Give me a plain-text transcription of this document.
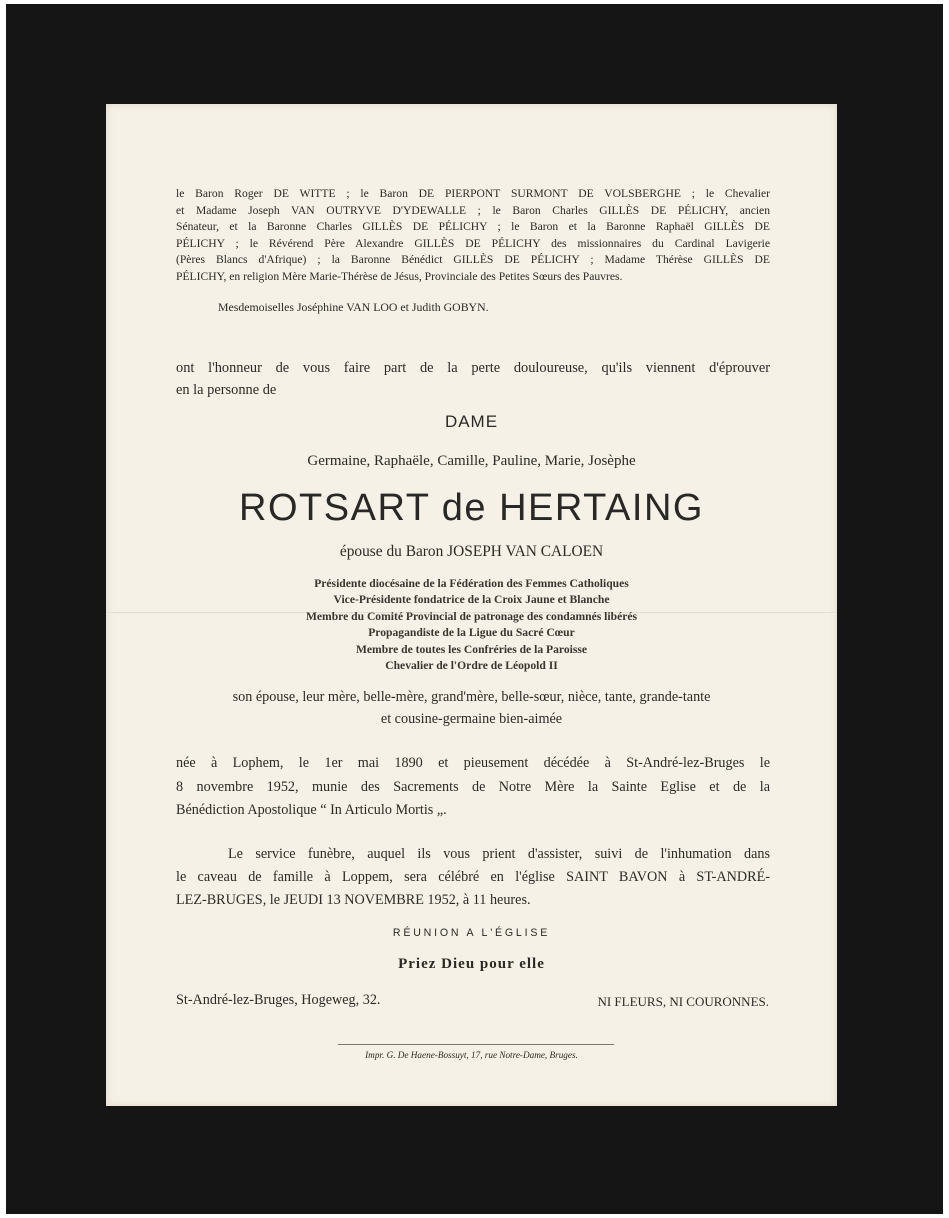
le Baron Roger DE WITTE ; le Baron DE PIERPONT SURMONT DE VOLSBERGHE ; le Chevalier
et Madame Joseph VAN OUTRYVE D'YDEWALLE ; le Baron Charles GILLÈS DE PÉLICHY, ancien
Sénateur, et la Baronne Charles GILLÈS DE PÉLICHY ; le Baron et la Baronne Raphaël GILLÈS DE
PÉLICHY ; le Révérend Père Alexandre GILLÈS DE PÉLICHY des missionnaires du Cardinal Lavigerie
(Pères Blancs d'Afrique) ; la Baronne Bénédict GILLÈS DE PÉLICHY ; Madame Thérèse GILLÈS DE
PÉLICHY, en religion Mère Marie-Thérèse de Jésus, Provinciale des Petites Sœurs des Pauvres.
Mesdemoiselles Joséphine VAN LOO et Judith GOBYN.
ont l'honneur de vous faire part de la perte douloureuse, qu'ils viennent d'éprouver
en la personne de
DAME
Germaine, Raphaële, Camille, Pauline, Marie, Josèphe
ROTSART de HERTAING
épouse du Baron JOSEPH VAN CALOEN
Présidente diocésaine de la Fédération des Femmes Catholiques
Vice-Présidente fondatrice de la Croix Jaune et Blanche
Membre du Comité Provincial de patronage des condamnés libérés
Propagandiste de la Ligue du Sacré Cœur
Membre de toutes les Confréries de la Paroisse
Chevalier de l'Ordre de Léopold II
son épouse, leur mère, belle-mère, grand'mère, belle-sœur, nièce, tante, grande-tante
et cousine-germaine bien-aimée
née à Lophem, le 1er mai 1890 et pieusement décédée à St-André-lez-Bruges le
8 novembre 1952, munie des Sacrements de Notre Mère la Sainte Eglise et de la
Bénédiction Apostolique “ In Articulo Mortis „.
Le service funèbre, auquel ils vous prient d'assister, suivi de l'inhumation dans
le caveau de famille à Loppem, sera célébré en l'église SAINT BAVON à ST-ANDRÉ-
LEZ-BRUGES, le JEUDI 13 NOVEMBRE 1952, à 11 heures.
RÉUNION A L'ÉGLISE
Priez Dieu pour elle
St-André-lez-Bruges, Hogeweg, 32.	NI FLEURS, NI COURONNES.
Impr. G. De Haene-Bossuyt, 17, rue Notre-Dame, Bruges.
